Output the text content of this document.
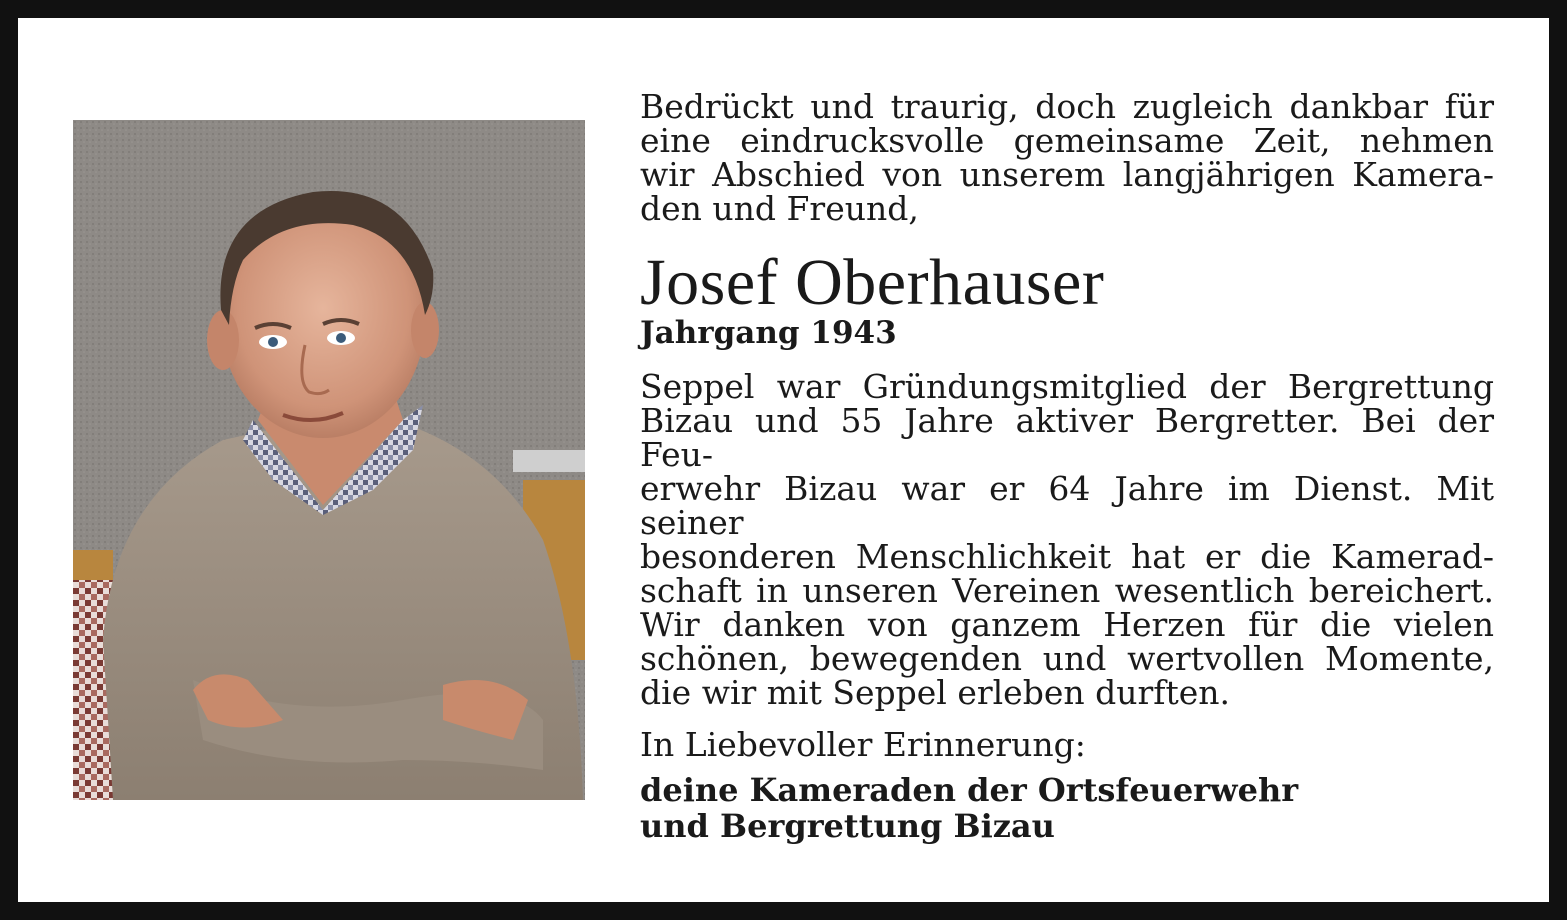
Bedrückt und traurig, doch zugleich dankbar für
eine eindrucksvolle gemeinsame Zeit, nehmen
wir Abschied von unserem langjährigen Kamera-
den und Freund,

Josef Oberhauser
Jahrgang 1943

Seppel war Gründungsmitglied der Bergrettung
Bizau und 55 Jahre aktiver Bergretter. Bei der Feu-
erwehr Bizau war er 64 Jahre im Dienst. Mit seiner
besonderen Menschlichkeit hat er die Kamerad-
schaft in unseren Vereinen wesentlich bereichert.
Wir danken von ganzem Herzen für die vielen
schönen, bewegenden und wertvollen Momente,
die wir mit Seppel erleben durften.

In Liebevoller Erinnerung:

deine Kameraden der Ortsfeuerwehr
und Bergrettung Bizau
